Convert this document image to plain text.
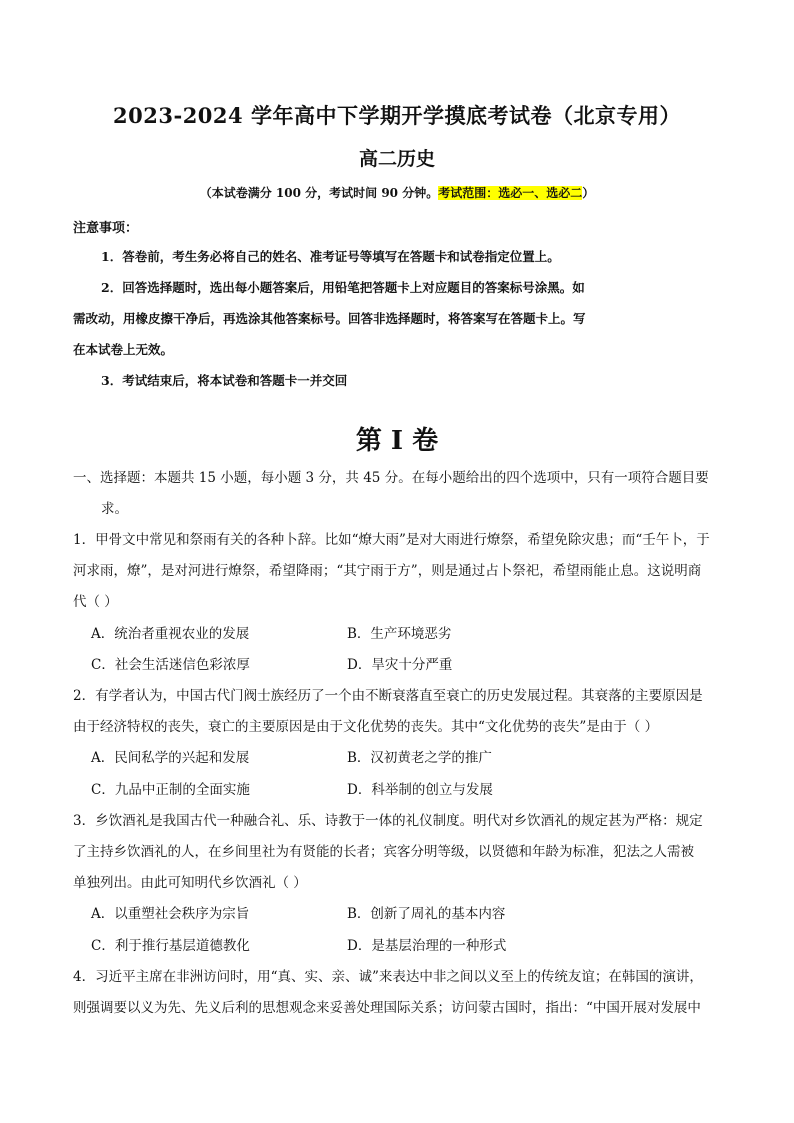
2023-2024 学年高中下学期开学摸底考试卷（北京专用）
高二历史
（本试卷满分 100 分，考试时间 90 分钟。考试范围：选必一、选必二）
注意事项：
1．答卷前，考生务必将自己的姓名、准考证号等填写在答题卡和试卷指定位置上。
2．回答选择题时，选出每小题答案后，用铅笔把答题卡上对应题目的答案标号涂黑。如
需改动，用橡皮擦干净后，再选涂其他答案标号。回答非选择题时，将答案写在答题卡上。写
在本试卷上无效。
3．考试结束后，将本试卷和答题卡一并交回
第 I 卷
一、选择题：本题共 15 小题，每小题 3 分，共 45 分。在每小题给出的四个选项中，只有一项符合题目要
求。
1．甲骨文中常见和祭雨有关的各种卜辞。比如“燎大雨”是对大雨进行燎祭，希望免除灾患；而“壬午卜，于
河求雨，燎”，是对河进行燎祭，希望降雨；“其宁雨于方”，则是通过占卜祭祀，希望雨能止息。这说明商
代（ ）
A．统治者重视农业的发展	B．生产环境恶劣
C．社会生活迷信色彩浓厚	D．旱灾十分严重
2．有学者认为，中国古代门阀士族经历了一个由不断衰落直至衰亡的历史发展过程。其衰落的主要原因是
由于经济特权的丧失，衰亡的主要原因是由于文化优势的丧失。其中“文化优势的丧失”是由于（ ）
A．民间私学的兴起和发展	B．汉初黄老之学的推广
C．九品中正制的全面实施	D．科举制的创立与发展
3．乡饮酒礼是我国古代一种融合礼、乐、诗教于一体的礼仪制度。明代对乡饮酒礼的规定甚为严格：规定
了主持乡饮酒礼的人，在乡间里社为有贤能的长者；宾客分明等级，以贤德和年龄为标准，犯法之人需被
单独列出。由此可知明代乡饮酒礼（ ）
A．以重塑社会秩序为宗旨	B．创新了周礼的基本内容
C．利于推行基层道德教化	D．是基层治理的一种形式
4．习近平主席在非洲访问时，用“真、实、亲、诚”来表达中非之间以义至上的传统友谊；在韩国的演讲，
则强调要以义为先、先义后利的思想观念来妥善处理国际关系；访问蒙古国时，指出：“中国开展对发展中
